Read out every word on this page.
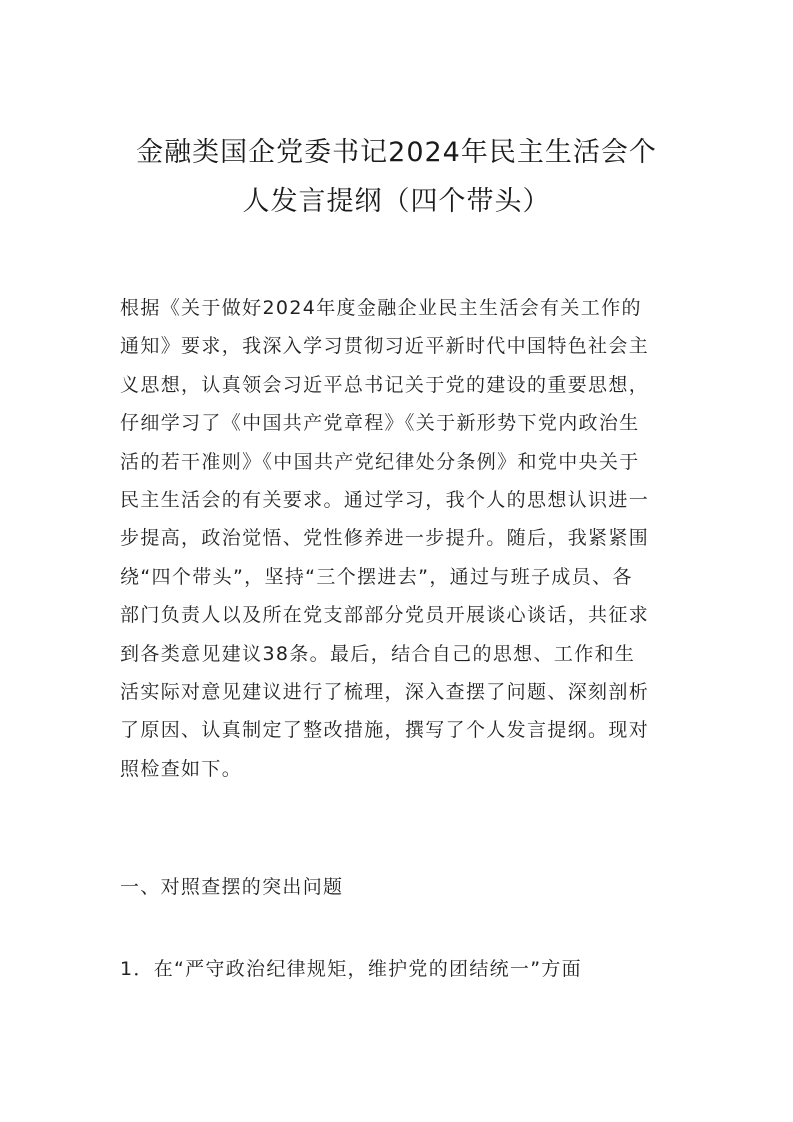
金融类国企党委书记2024年民主生活会个
人发言提纲（四个带头）
根据《关于做好2024年度金融企业民主生活会有关工作的
通知》要求，我深入学习贯彻习近平新时代中国特色社会主
义思想，认真领会习近平总书记关于党的建设的重要思想，
仔细学习了《中国共产党章程》《关于新形势下党内政治生
活的若干准则》《中国共产党纪律处分条例》和党中央关于
民主生活会的有关要求。通过学习，我个人的思想认识进一
步提高，政治觉悟、党性修养进一步提升。随后，我紧紧围
绕“四个带头”，坚持“三个摆进去”，通过与班子成员、各
部门负责人以及所在党支部部分党员开展谈心谈话，共征求
到各类意见建议38条。最后，结合自己的思想、工作和生
活实际对意见建议进行了梳理，深入查摆了问题、深刻剖析
了原因、认真制定了整改措施，撰写了个人发言提纲。现对
照检查如下。
一、对照查摆的突出问题
1．在“严守政治纪律规矩，维护党的团结统一”方面
